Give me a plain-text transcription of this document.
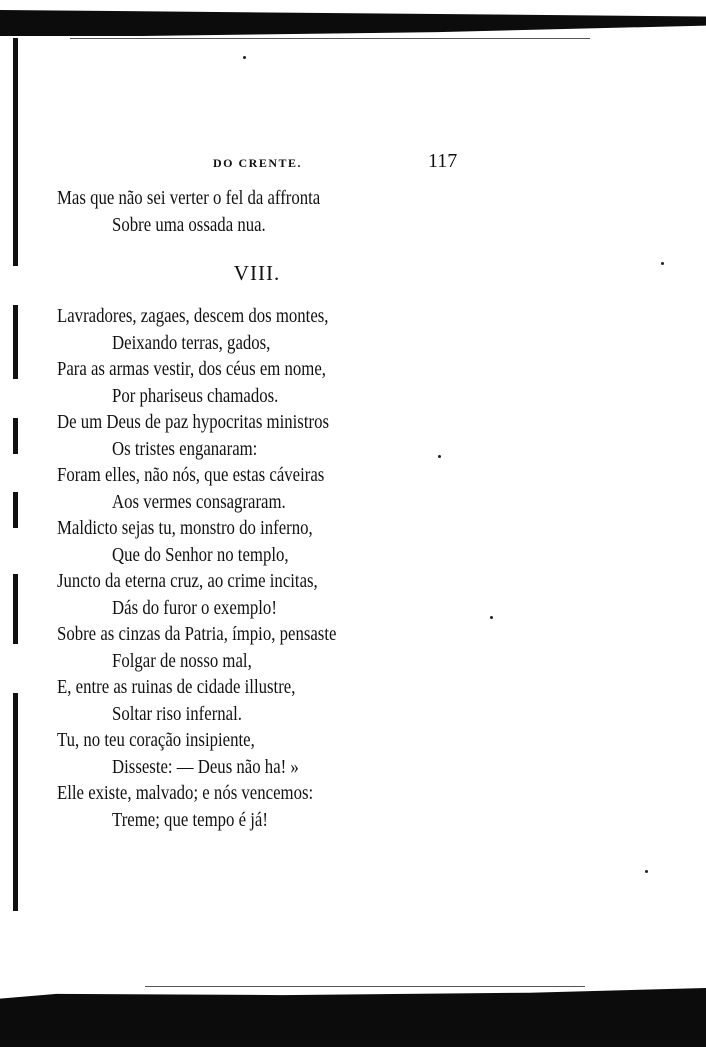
DO CRENTE.	117
Mas que não sei verter o fel da affronta
Sobre uma ossada nua.
VIII.
Lavradores, zagaes, descem dos montes,
Deixando terras, gados,
Para as armas vestir, dos céus em nome,
Por phariseus chamados.
De um Deus de paz hypocritas ministros
Os tristes enganaram:
Foram elles, não nós, que estas cáveiras
Aos vermes consagraram.
Maldicto sejas tu, monstro do inferno,
Que do Senhor no templo,
Juncto da eterna cruz, ao crime incitas,
Dás do furor o exemplo!
Sobre as cinzas da Patria, ímpio, pensaste
Folgar de nosso mal,
E, entre as ruinas de cidade illustre,
Soltar riso infernal.
Tu, no teu coração insipiente,
Disseste: — Deus não ha! »
Elle existe, malvado; e nós vencemos:
Treme; que tempo é já!
